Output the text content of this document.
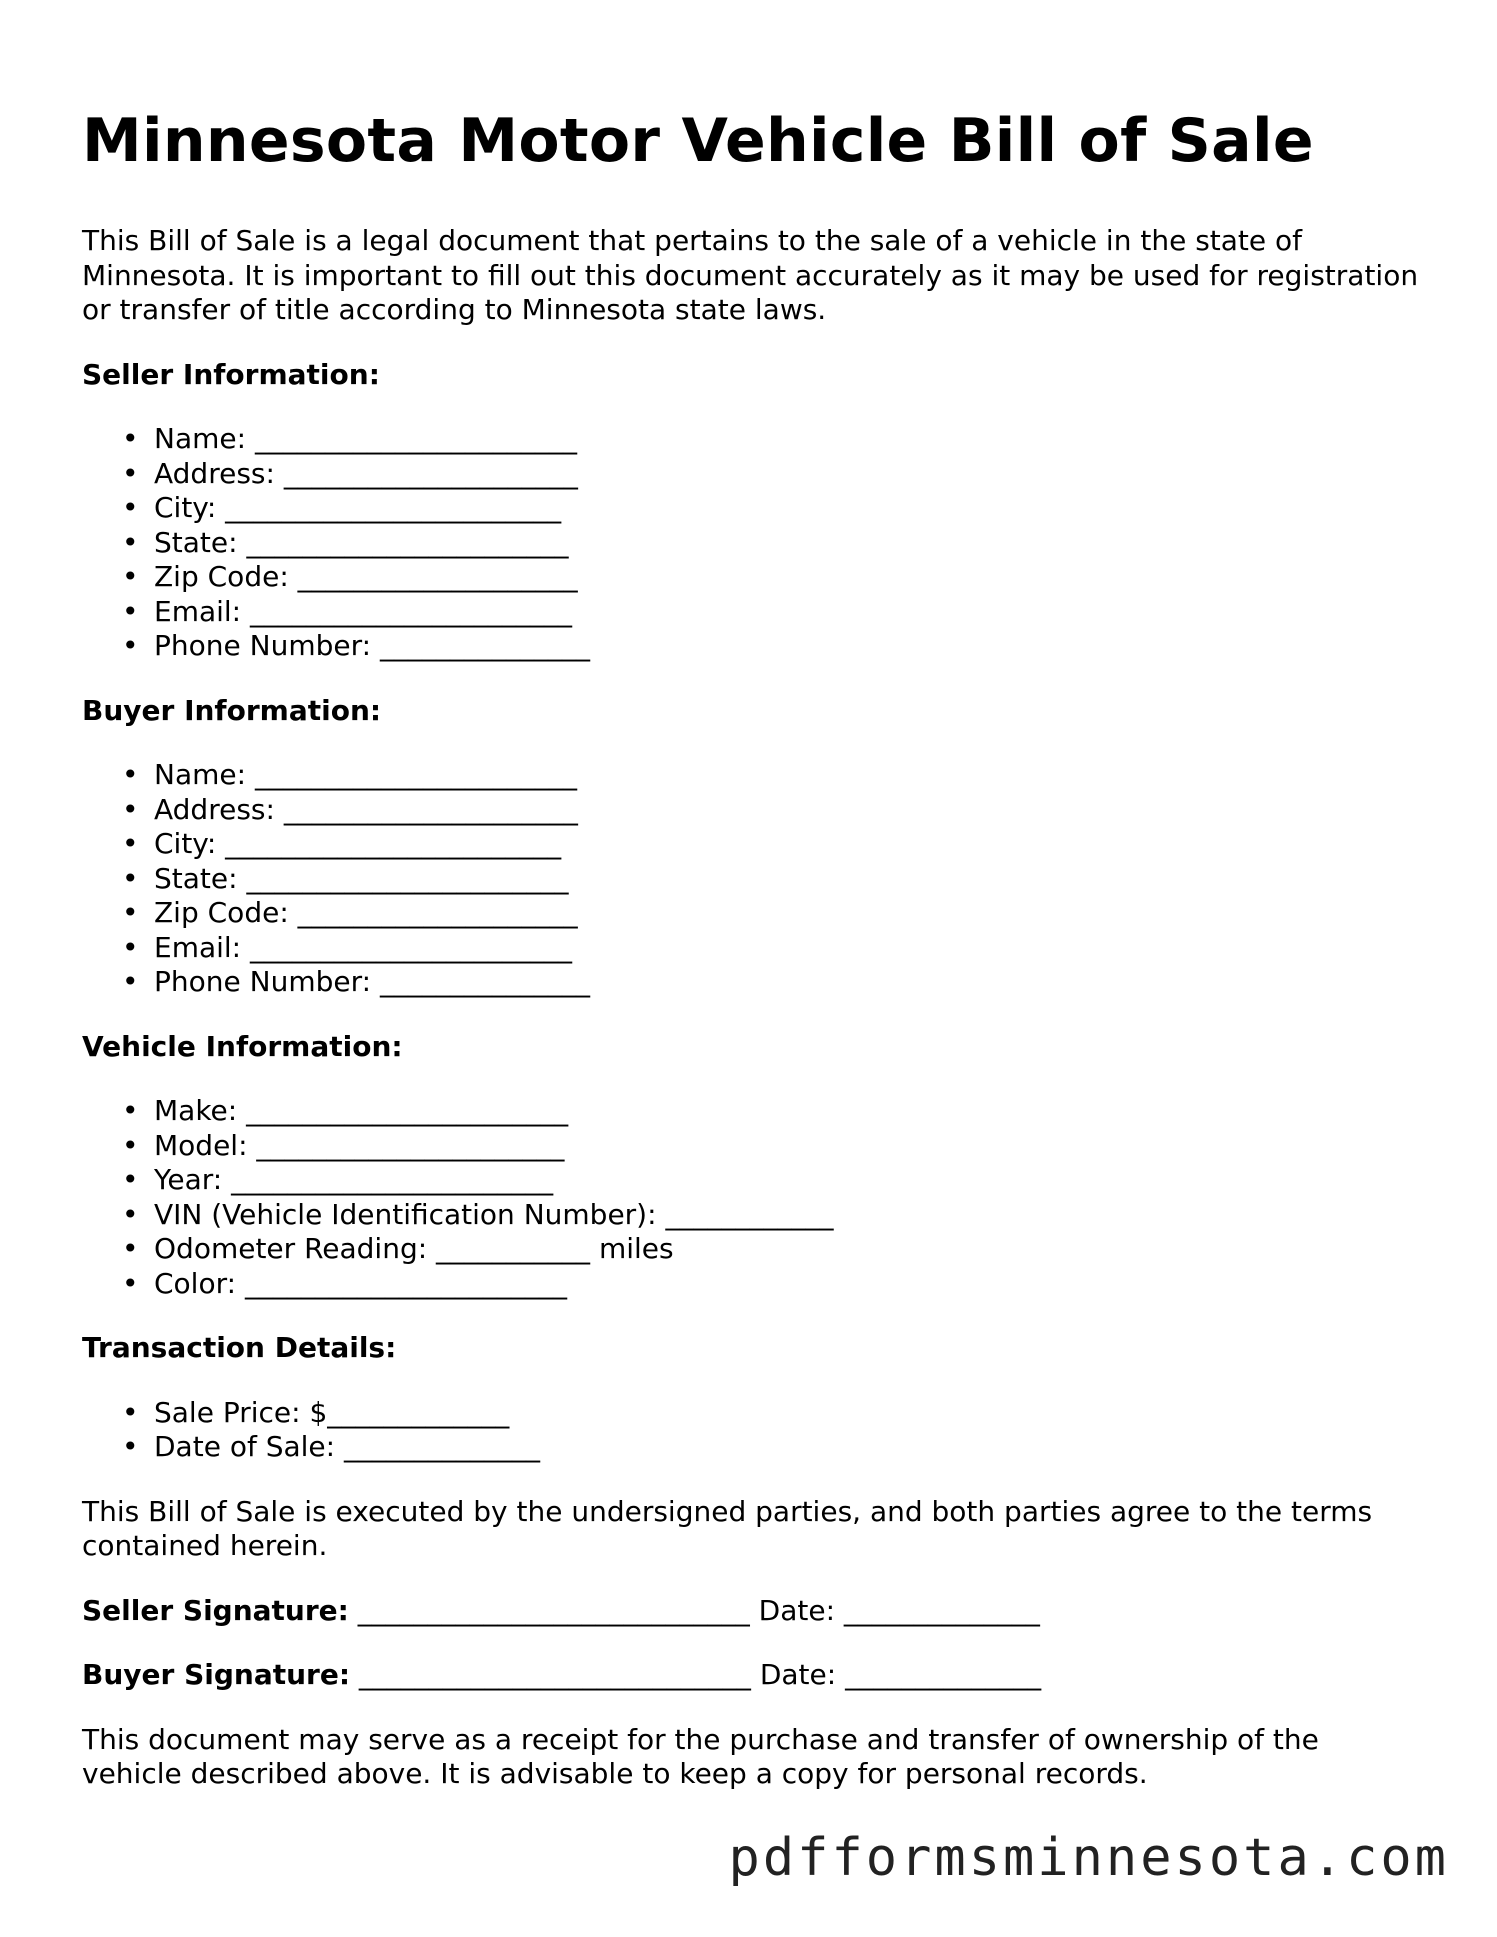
Minnesota Motor Vehicle Bill of Sale

This Bill of Sale is a legal document that pertains to the sale of a vehicle in the state of Minnesota. It is important to fill out this document accurately as it may be used for registration or transfer of title according to Minnesota state laws.

Seller Information:
• Name: _______________________
• Address: _____________________
• City: ________________________
• State: _______________________
• Zip Code: ____________________
• Email: _______________________
• Phone Number: _______________
Buyer Information:
• Name: _______________________
• Address: _____________________
• City: ________________________
• State: _______________________
• Zip Code: ____________________
• Email: _______________________
• Phone Number: _______________
Vehicle Information:
• Make: _______________________
• Model: ______________________
• Year: _______________________
• VIN (Vehicle Identification Number): ____________
• Odometer Reading: ___________ miles
• Color: _______________________
Transaction Details:
• Sale Price: $_____________
• Date of Sale: ______________

This Bill of Sale is executed by the undersigned parties, and both parties agree to the terms contained herein.

Seller Signature: ____________________________ Date: ______________
Buyer Signature: ____________________________ Date: ______________

This document may serve as a receipt for the purchase and transfer of ownership of the vehicle described above. It is advisable to keep a copy for personal records.

pdfformsminnesota.com
